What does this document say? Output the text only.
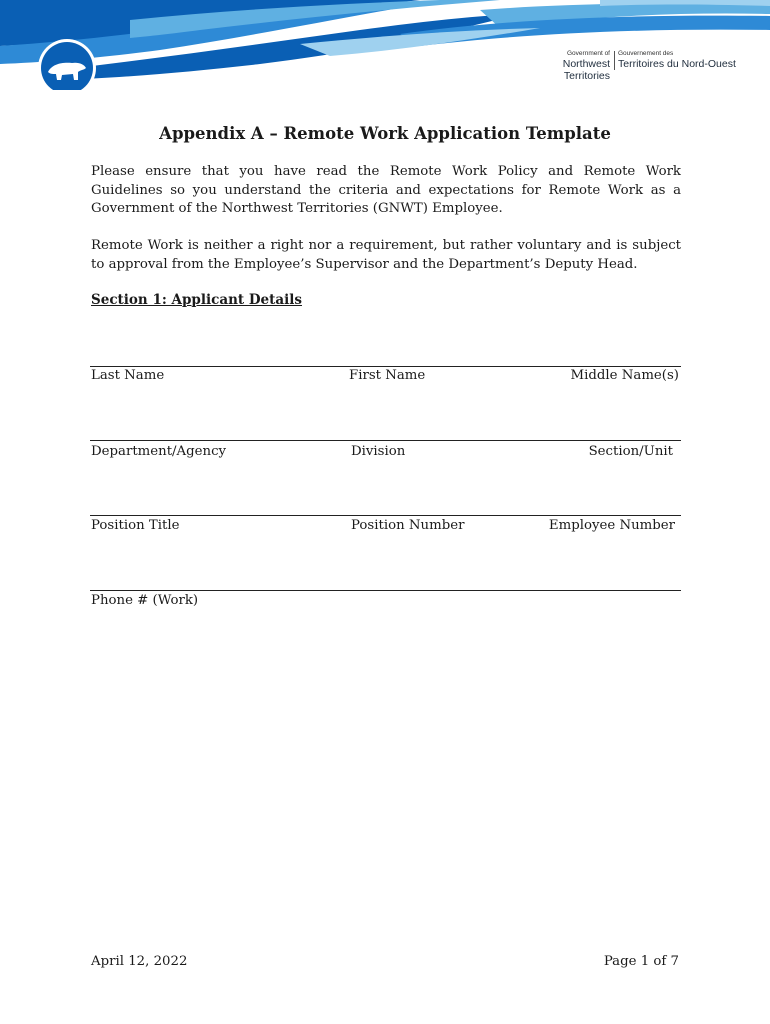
Government of
Northwest Territories
Gouvernement des
Territoires du Nord-Ouest
Appendix A – Remote Work Application Template

Please ensure that you have read the Remote Work Policy and Remote Work Guidelines so you understand the criteria and expectations for Remote Work as a Government of the Northwest Territories (GNWT) Employee.

Remote Work is neither a right nor a requirement, but rather voluntary and is subject to approval from the Employee’s Supervisor and the Department’s Deputy Head.

Section 1: Applicant Details
Last Name	First Name	Middle Name(s)
Department/Agency	Division	Section/Unit
Position Title	Position Number	Employee Number
Phone # (Work)
April 12, 2022	Page 1 of 7
